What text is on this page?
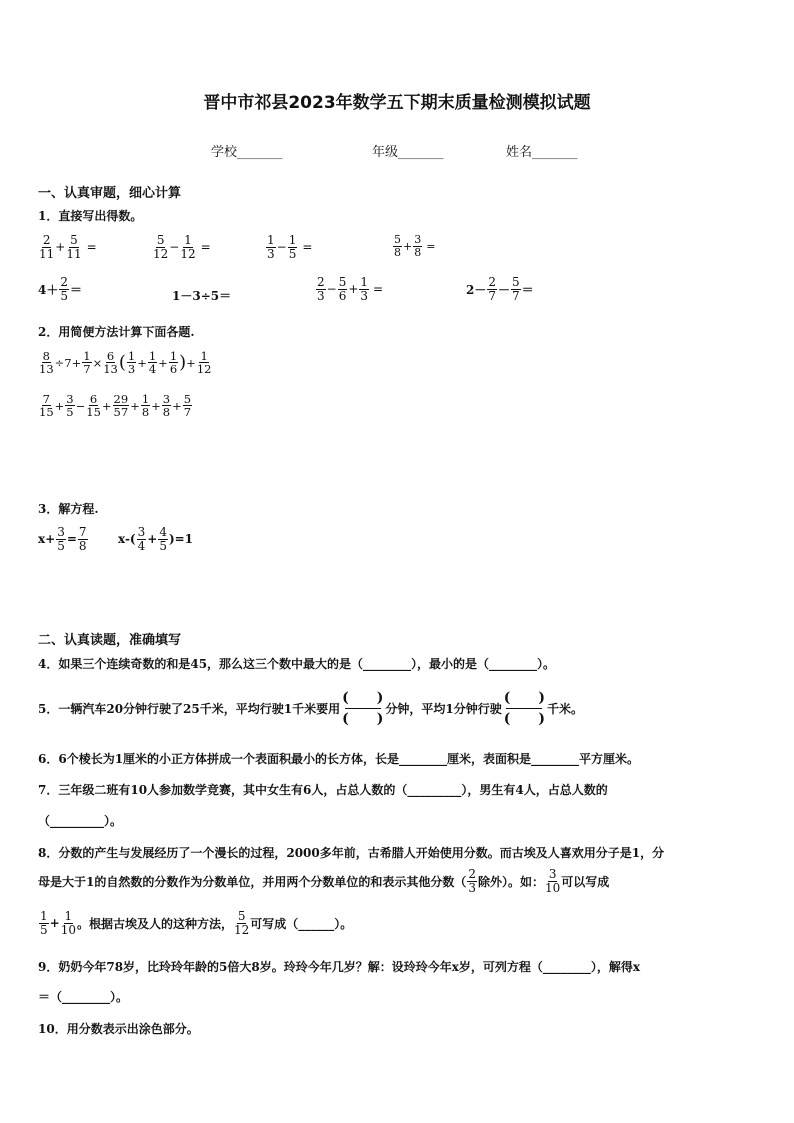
晋中市祁县2023年数学五下期末质量检测模拟试题
学校_______	年级_______	姓名_______
一、认真审题，细心计算
1．直接写出得数。
$\frac{2}{11} + \frac{5}{11}$ =	$\frac{5}{12} - \frac{1}{12}$ =	$\frac{1}{3} - \frac{1}{5}$ =	$\frac{5}{8} + \frac{3}{8}$ =
$4+ \frac{2}{5}$ ＝	1－3÷5＝	$\frac{2}{3} - \frac{5}{6} + \frac{1}{3}$ =	$2- \frac{2}{7} - \frac{5}{7}$ ＝
2．用简便方法计算下面各题.
$\frac{8}{13} \div 7+ \frac{1}{7} \times \frac{6}{13}$ ( $\frac{1}{3} + \frac{1}{4} + \frac{1}{6}$ ) + $\frac{1}{12}$
$\frac{7}{15} + \frac{3}{5} - \frac{6}{15} + \frac{29}{57} + \frac{1}{8} + \frac{3}{8} + \frac{5}{7}$
3．解方程.
$x+ \frac{3}{5} = \frac{7}{8}$	$x-( \frac{3}{4} + \frac{4}{5} )=1$
二、认真读题，准确填写
4．如果三个连续奇数的和是45，那么这三个数中最大的是（________），最小的是（________）。
5．一辆汽车20分钟行驶了25千米，平均行驶1千米要用
(　　)
(　　)
分钟，平均1分钟行驶
(　　)
(　　)
千米。
6．6个棱长为1厘米的小正方体拼成一个表面积最小的长方体，长是________厘米，表面积是________平方厘米。
7．三年级二班有10人参加数学竞赛，其中女生有6人，占总人数的（_________），男生有4人，占总人数的
（_________）。
8．分数的产生与发展经历了一个漫长的过程，2000多年前，古希腊人开始使用分数。而古埃及人喜欢用分子是1，分
母是大于1的自然数的分数作为分数单位，并用两个分数单位的和表示其他分数（ $\frac{2}{3}$ 除外）。如： $\frac{3}{10}$ 可以写成
$\frac{1}{5} + \frac{1}{10}$ 。根据古埃及人的这种方法， $\frac{5}{12}$ 可写成（______）。
9．奶奶今年78岁，比玲玲年龄的5倍大8岁。玲玲今年几岁？解：设玲玲今年x岁，可列方程（________），解得x
＝（________）。
10．用分数表示出涂色部分。
